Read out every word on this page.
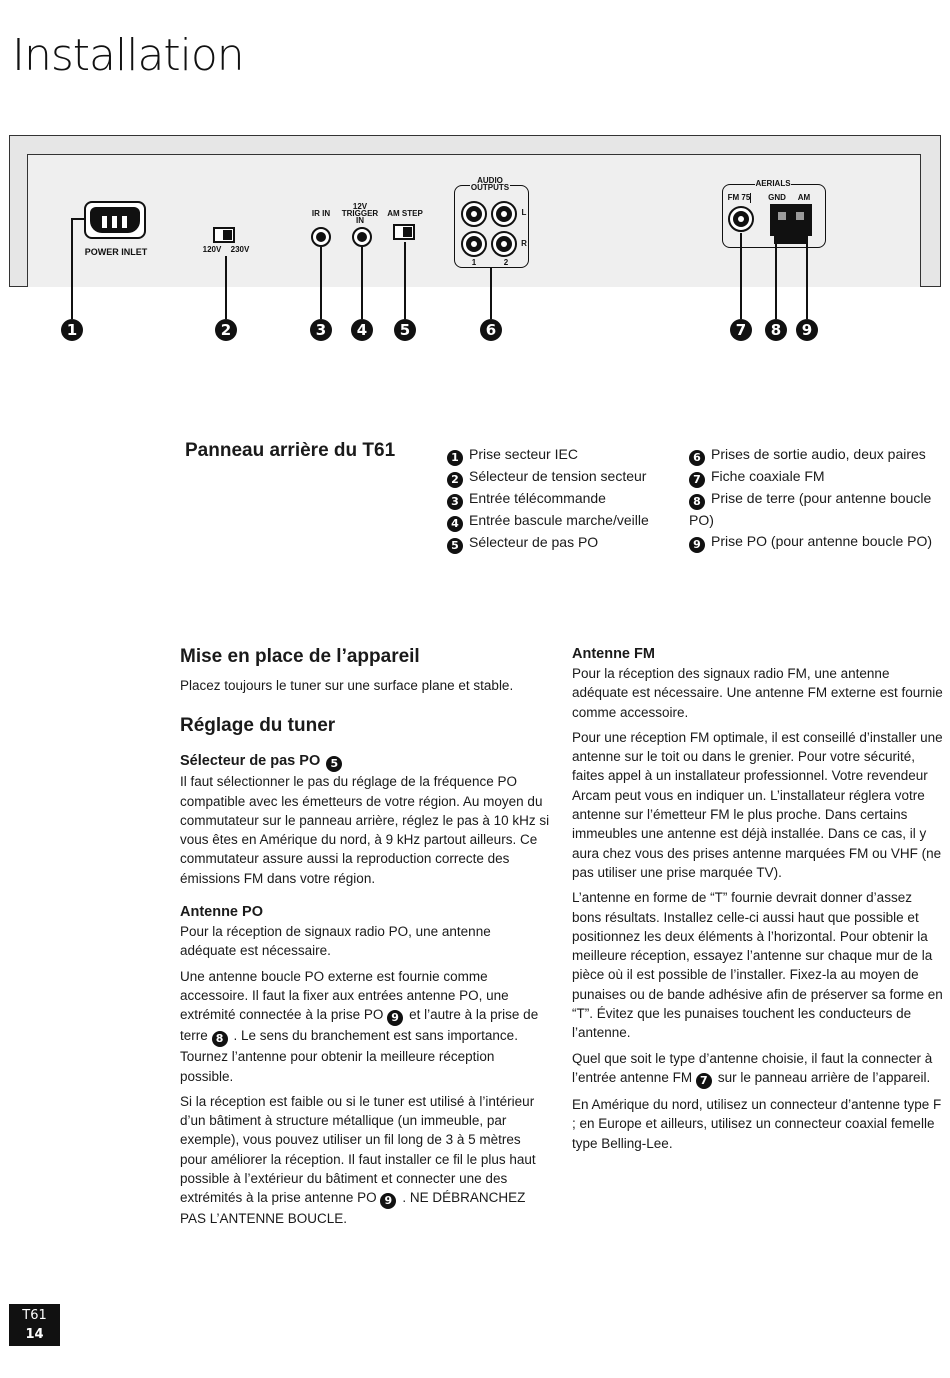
Installation
POWER INLET	120V	230V
IR IN
12V TRIGGER IN
AM STEP
AUDIO OUTPUTS
L
R
1	2
AERIALS
FM 75 GND	AM
1	2	3	4	5	6	7	8	9
Panneau arrière du T61	1 Prise secteur IEC
2 Sélecteur de tension secteur
3 Entrée télécommande
4 Entrée bascule marche/veille
5 Sélecteur de pas PO
6 Prises de sortie audio, deux paires
7 Fiche coaxiale FM
8 Prise de terre (pour antenne boucle PO)
9 Prise PO (pour antenne boucle PO)
Mise en place de l’appareil

Placez toujours le tuner sur une surface plane et stable.

Réglage du tuner
Sélecteur de pas PO 5

Il faut sélectionner le pas du réglage de la fréquence PO compatible avec les émetteurs de votre région. Au moyen du commutateur sur le panneau arrière, réglez le pas à 10 kHz si vous êtes en Amérique du nord, à 9 kHz partout ailleurs. Ce commutateur assure aussi la reproduction correcte des émissions FM dans votre région.

Antenne PO

Pour la réception de signaux radio PO, une antenne adéquate est nécessaire.

Une antenne boucle PO externe est fournie comme accessoire. Il faut la fixer aux entrées antenne PO, une extrémité connectée à la prise PO 9 et l’autre à la prise de terre 8 . Le sens du branchement est sans importance. Tournez l’antenne pour obtenir la meilleure réception possible.

Si la réception est faible ou si le tuner est utilisé à l’intérieur d’un bâtiment à structure métallique (un immeuble, par exemple), vous pouvez utiliser un fil long de 3 à 5 mètres pour améliorer la réception. Il faut installer ce fil le plus haut possible à l’extérieur du bâtiment et connecter une des extrémités à la prise antenne PO 9 . NE DÉBRANCHEZ PAS L’ANTENNE BOUCLE.

Antenne FM

Pour la réception des signaux radio FM, une antenne adéquate est nécessaire. Une antenne FM externe est fournie comme accessoire.

Pour une réception FM optimale, il est conseillé d’installer une antenne sur le toit ou dans le grenier. Pour votre sécurité, faites appel à un installateur professionnel. Votre revendeur Arcam peut vous en indiquer un. L’installateur réglera votre antenne sur l’émetteur FM le plus proche. Dans certains immeubles une antenne est déjà installée. Dans ce cas, il y aura chez vous des prises antenne marquées FM ou VHF (ne pas utiliser une prise marquée TV).

L’antenne en forme de “T” fournie devrait donner d’assez bons résultats. Installez celle-ci aussi haut que possible et positionnez les deux éléments à l’horizontal. Pour obtenir la meilleure réception, essayez l’antenne sur chaque mur de la pièce où il est possible de l’installer. Fixez-la au moyen de punaises ou de bande adhésive afin de préserver sa forme en “T”. Évitez que les punaises touchent les conducteurs de l’antenne.

Quel que soit le type d’antenne choisie, il faut la connecter à l’entrée antenne FM 7 sur le panneau arrière de l’appareil.

En Amérique du nord, utilisez un connecteur d’antenne type F ; en Europe et ailleurs, utilisez un connecteur coaxial femelle type Belling-Lee.

T61
14
